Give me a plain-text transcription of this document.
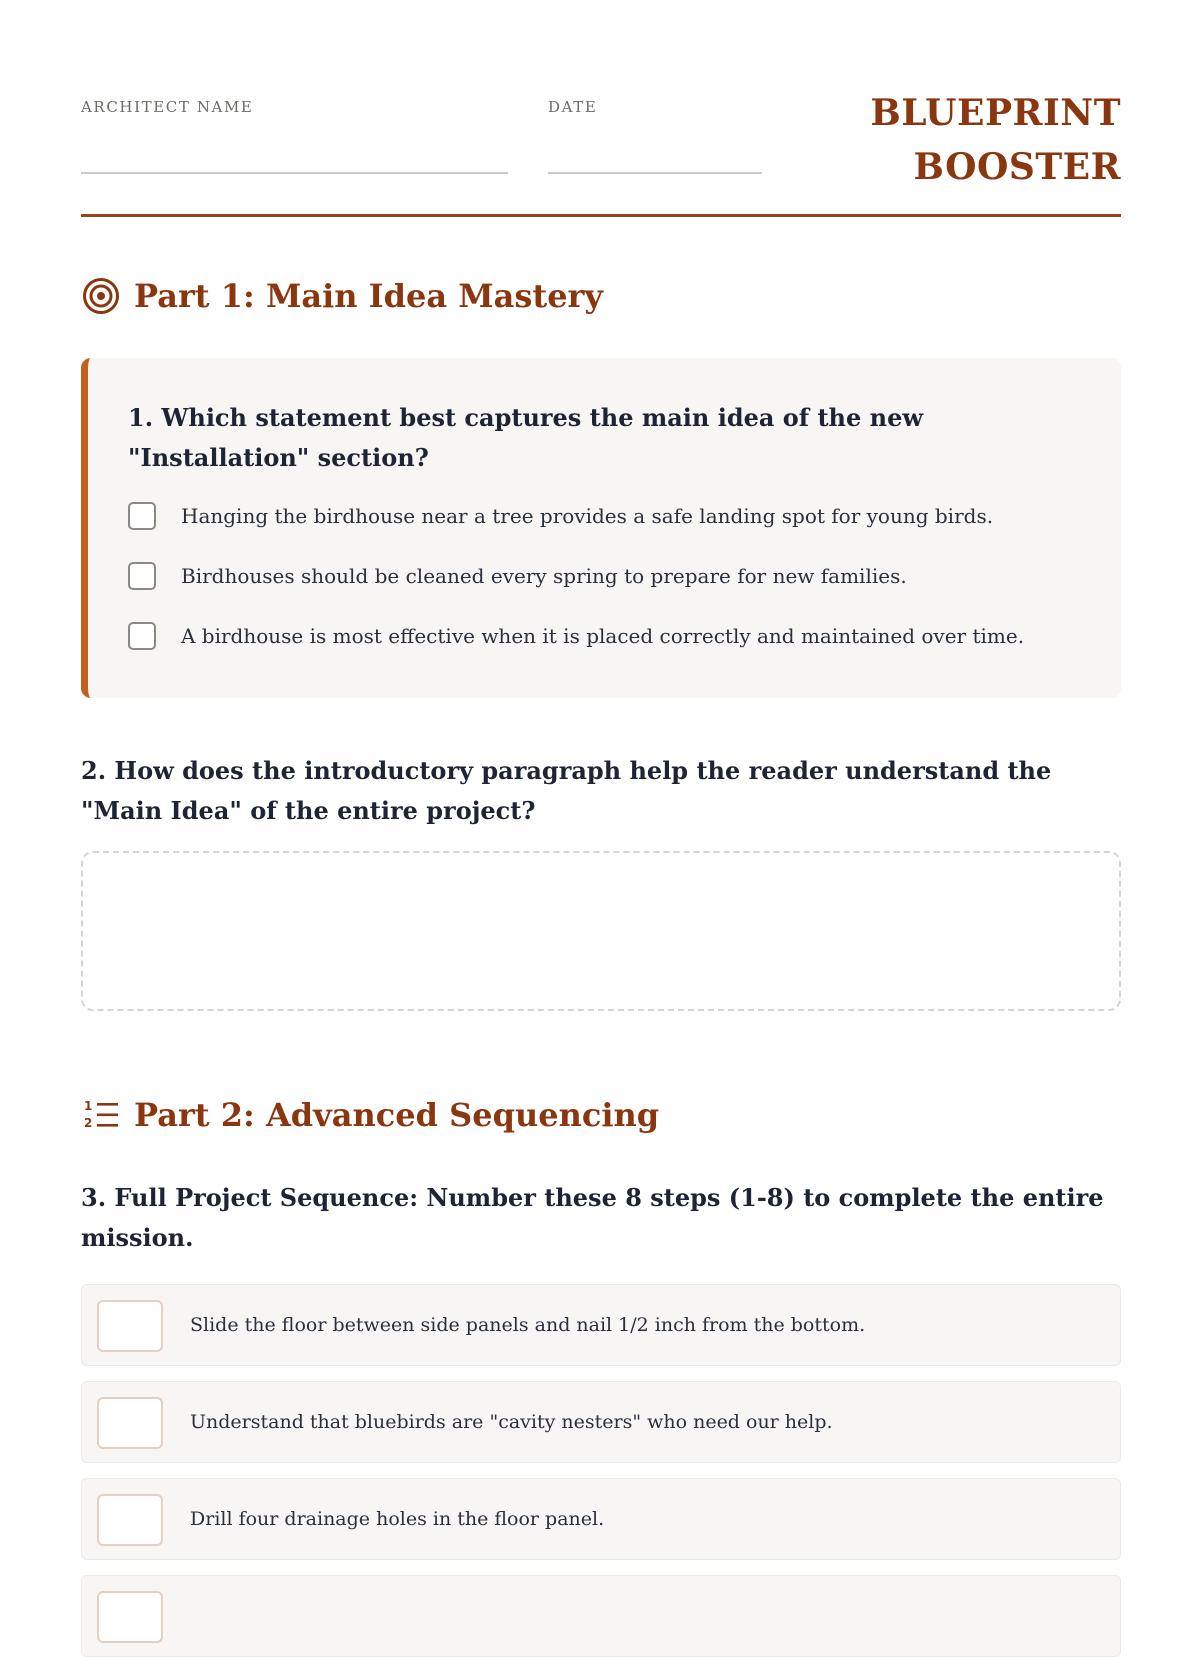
ARCHITECT NAME	DATE	BLUEPRINT
BOOSTER
Part 1: Main Idea Mastery
1. Which statement best captures the main idea of the new "Installation" section?
Hanging the birdhouse near a tree provides a safe landing spot for young birds.
Birdhouses should be cleaned every spring to prepare for new families.
A birdhouse is most effective when it is placed correctly and maintained over time.
2. How does the introductory paragraph help the reader understand the "Main Idea" of the entire project?
1
2 Part 2: Advanced Sequencing
3. Full Project Sequence: Number these 8 steps (1-8) to complete the entire mission.
Slide the floor between side panels and nail 1/2 inch from the bottom.
Understand that bluebirds are "cavity nesters" who need our help.
Drill four drainage holes in the floor panel.
